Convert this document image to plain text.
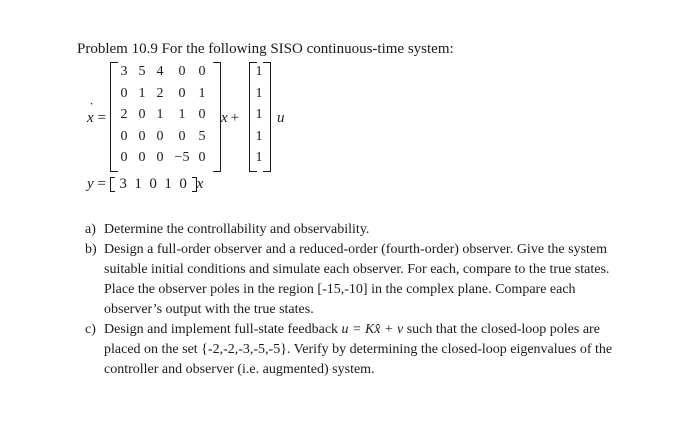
Problem 10.9 For the following SISO continuous-time system:
˙ x =
3 5 4	0 0
0 1 2	0 1
2 0 1	1 0
0 0 0	0 5
0 0 0 −5 0
x +
1
1
1
1
1
u
y = 3 1 0 1 0 x
a) Determine the controllability and observability.
b) Design a full-order observer and a reduced-order (fourth-order) observer. Give the system
suitable initial conditions and simulate each observer. For each, compare to the true states.
Place the observer poles in the region [-15,-10] in the complex plane. Compare each
observer’s output with the true states.
c) Design and implement full-state feedback u = Kx̂ + v such that the closed-loop poles are
placed on the set {-2,-2,-3,-5,-5}. Verify by determining the closed-loop eigenvalues of the
controller and observer (i.e. augmented) system.
